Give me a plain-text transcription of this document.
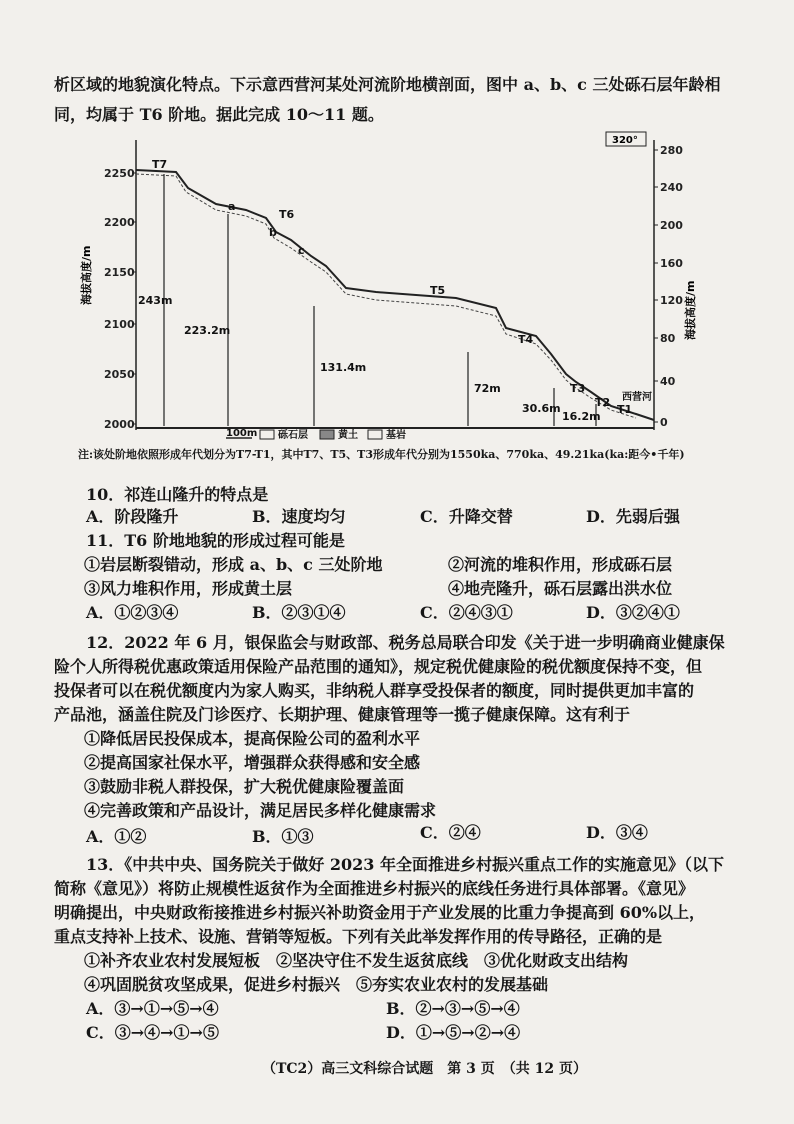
析区域的地貌演化特点。下示意西营河某处河流阶地横剖面，图中 a、b、c 三处砾石层年龄相
同，均属于 T6 阶地。据此完成 10～11 题。
2250
2200
2150
2100
2050
2000
280
240
200
160
120
80
40
0
海拔高度/m
海拔高度/m
320°
T7
T6
T5
T4
T3
T2
T1
a
b
c
243m
223.2m
131.4m
72m
30.6m
16.2m
西营河
100m 砾石层	黄土	基岩
注:该处阶地依照形成年代划分为T7-T1，其中T7、T5、T3形成年代分别为1550ka、770ka、49.21ka(ka:距今•千年)
10．祁连山隆升的特点是
A．阶段隆升	B．速度均匀	C．升降交替	D．先弱后强
11．T6 阶地地貌的形成过程可能是
①岩层断裂错动，形成 a、b、c 三处阶地	②河流的堆积作用，形成砾石层
③风力堆积作用，形成黄土层	④地壳隆升，砾石层露出洪水位
A．①②③④	B．②③①④	C．②④③①	D．③②④①
12．2022 年 6 月，银保监会与财政部、税务总局联合印发《关于进一步明确商业健康保
险个人所得税优惠政策适用保险产品范围的通知》，规定税优健康险的税优额度保持不变，但
投保者可以在税优额度内为家人购买，非纳税人群享受投保者的额度，同时提供更加丰富的
产品池，涵盖住院及门诊医疗、长期护理、健康管理等一揽子健康保障。这有利于
①降低居民投保成本，提高保险公司的盈利水平
②提高国家社保水平，增强群众获得感和安全感
③鼓励非税人群投保，扩大税优健康险覆盖面
④完善政策和产品设计，满足居民多样化健康需求
A．①②	B．①③	C．②④	D．③④
13．《中共中央、国务院关于做好 2023 年全面推进乡村振兴重点工作的实施意见》（以下
简称《意见》）将防止规模性返贫作为全面推进乡村振兴的底线任务进行具体部署。《意见》
明确提出，中央财政衔接推进乡村振兴补助资金用于产业发展的比重力争提高到 60%以上，
重点支持补上技术、设施、营销等短板。下列有关此举发挥作用的传导路径，正确的是
①补齐农业农村发展短板　②坚决守住不发生返贫底线　③优化财政支出结构
④巩固脱贫攻坚成果，促进乡村振兴　⑤夯实农业农村的发展基础
A．③→①→⑤→④	B．②→③→⑤→④
C．③→④→①→⑤	D．①→⑤→②→④
（TC2）高三文科综合试题　第 3 页　（共 12 页）
